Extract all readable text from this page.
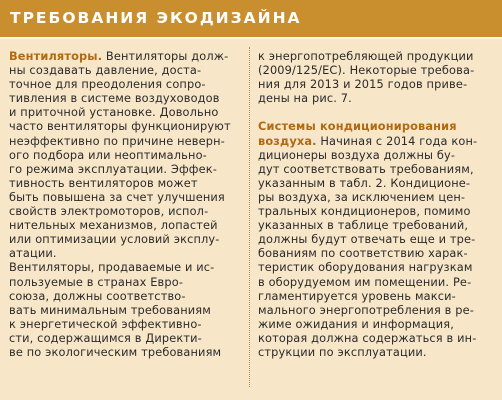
ТРЕБОВАНИЯ ЭКОДИЗАЙНА
Вентиляторы. Вентиляторы долж-
ны создавать давление, доста-
точное для преодоления сопро-
тивления в системе воздуховодов
и приточной установке. Довольно
часто вентиляторы функционируют
неэффективно по причине неверн-
ого подбора или неоптимально-
го режима эксплуатации. Эффек-
тивность вентиляторов может
быть повышена за счет улучшения
свойств электромоторов, испол-
нительных механизмов, лопастей
или оптимизации условий эксплу-
атации.
Вентиляторы, продаваемые и ис-
пользуемые в странах Евро-
союза, должны соответство-
вать минимальным требованиям
к энергетической эффективно-
сти, содержащимся в Директи-
ве по экологическим требованиям
к энергопотребляющей продукции
(2009/125/ЕС). Некоторые требова-
ния для 2013 и 2015 годов приве-
дены на рис. 7.
Системы кондиционирования
воздуха. Начиная с 2014 года кон-
диционеры воздуха должны бу-
дут соответствовать требованиям,
указанным в табл. 2. Кондиционе-
ры воздуха, за исключением цен-
тральных кондиционеров, помимо
указанных в таблице требований,
должны будут отвечать еще и тре-
бованиям по соответствию харак-
теристик оборудования нагрузкам
в оборудуемом им помещении. Ре-
гламентируется уровень макси-
мального энергопотребления в ре-
жиме ожидания и информация,
которая должна содержаться в ин-
струкции по эксплуатации.
